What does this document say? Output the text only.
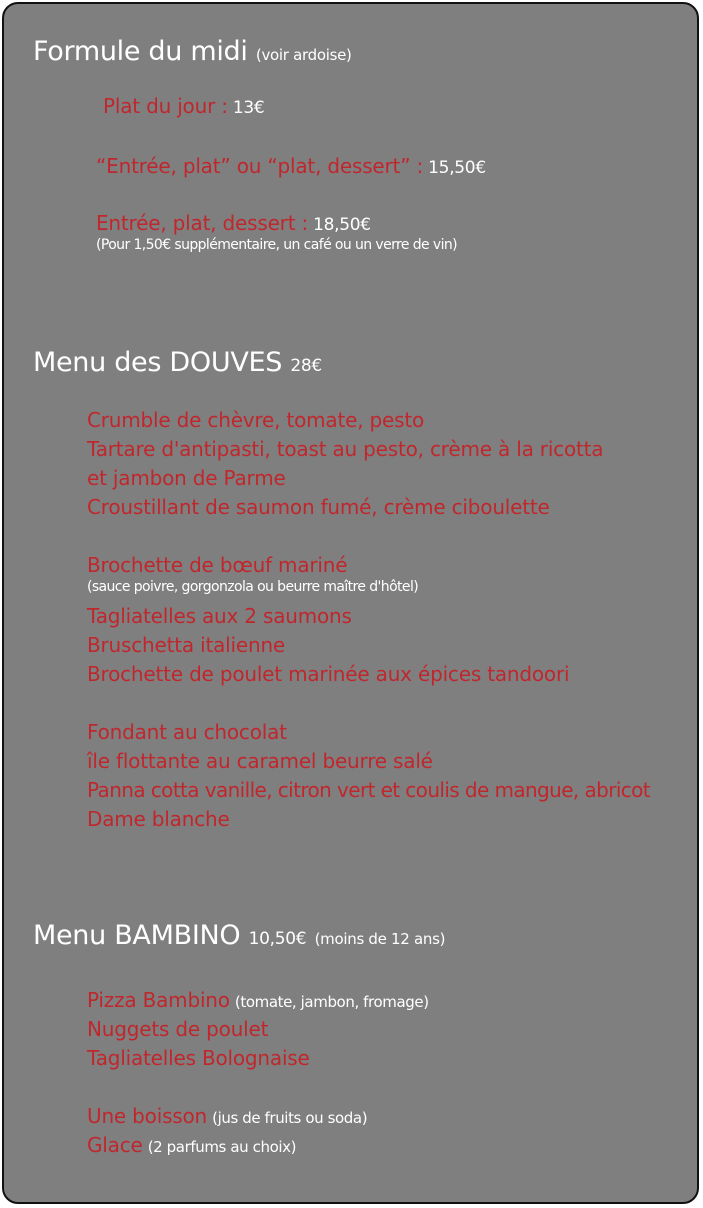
Formule du midi (voir ardoise)
Plat du jour : 13€
“Entrée, plat” ou “plat, dessert” : 15,50€
Entrée, plat, dessert : 18,50€
(Pour 1,50€ supplémentaire, un café ou un verre de vin)
Menu des DOUVES 28€
Crumble de chèvre, tomate, pesto
Tartare d'antipasti, toast au pesto, crème à la ricotta
et jambon de Parme
Croustillant de saumon fumé, crème ciboulette
Brochette de bœuf mariné
(sauce poivre, gorgonzola ou beurre maître d'hôtel)
Tagliatelles aux 2 saumons
Bruschetta italienne
Brochette de poulet marinée aux épices tandoori
Fondant au chocolat
île flottante au caramel beurre salé
Panna cotta vanille, citron vert et coulis de mangue, abricot
Dame blanche
Menu BAMBINO 10,50€ (moins de 12 ans)
Pizza Bambino (tomate, jambon, fromage)
Nuggets de poulet
Tagliatelles Bolognaise
Une boisson (jus de fruits ou soda)
Glace (2 parfums au choix)
